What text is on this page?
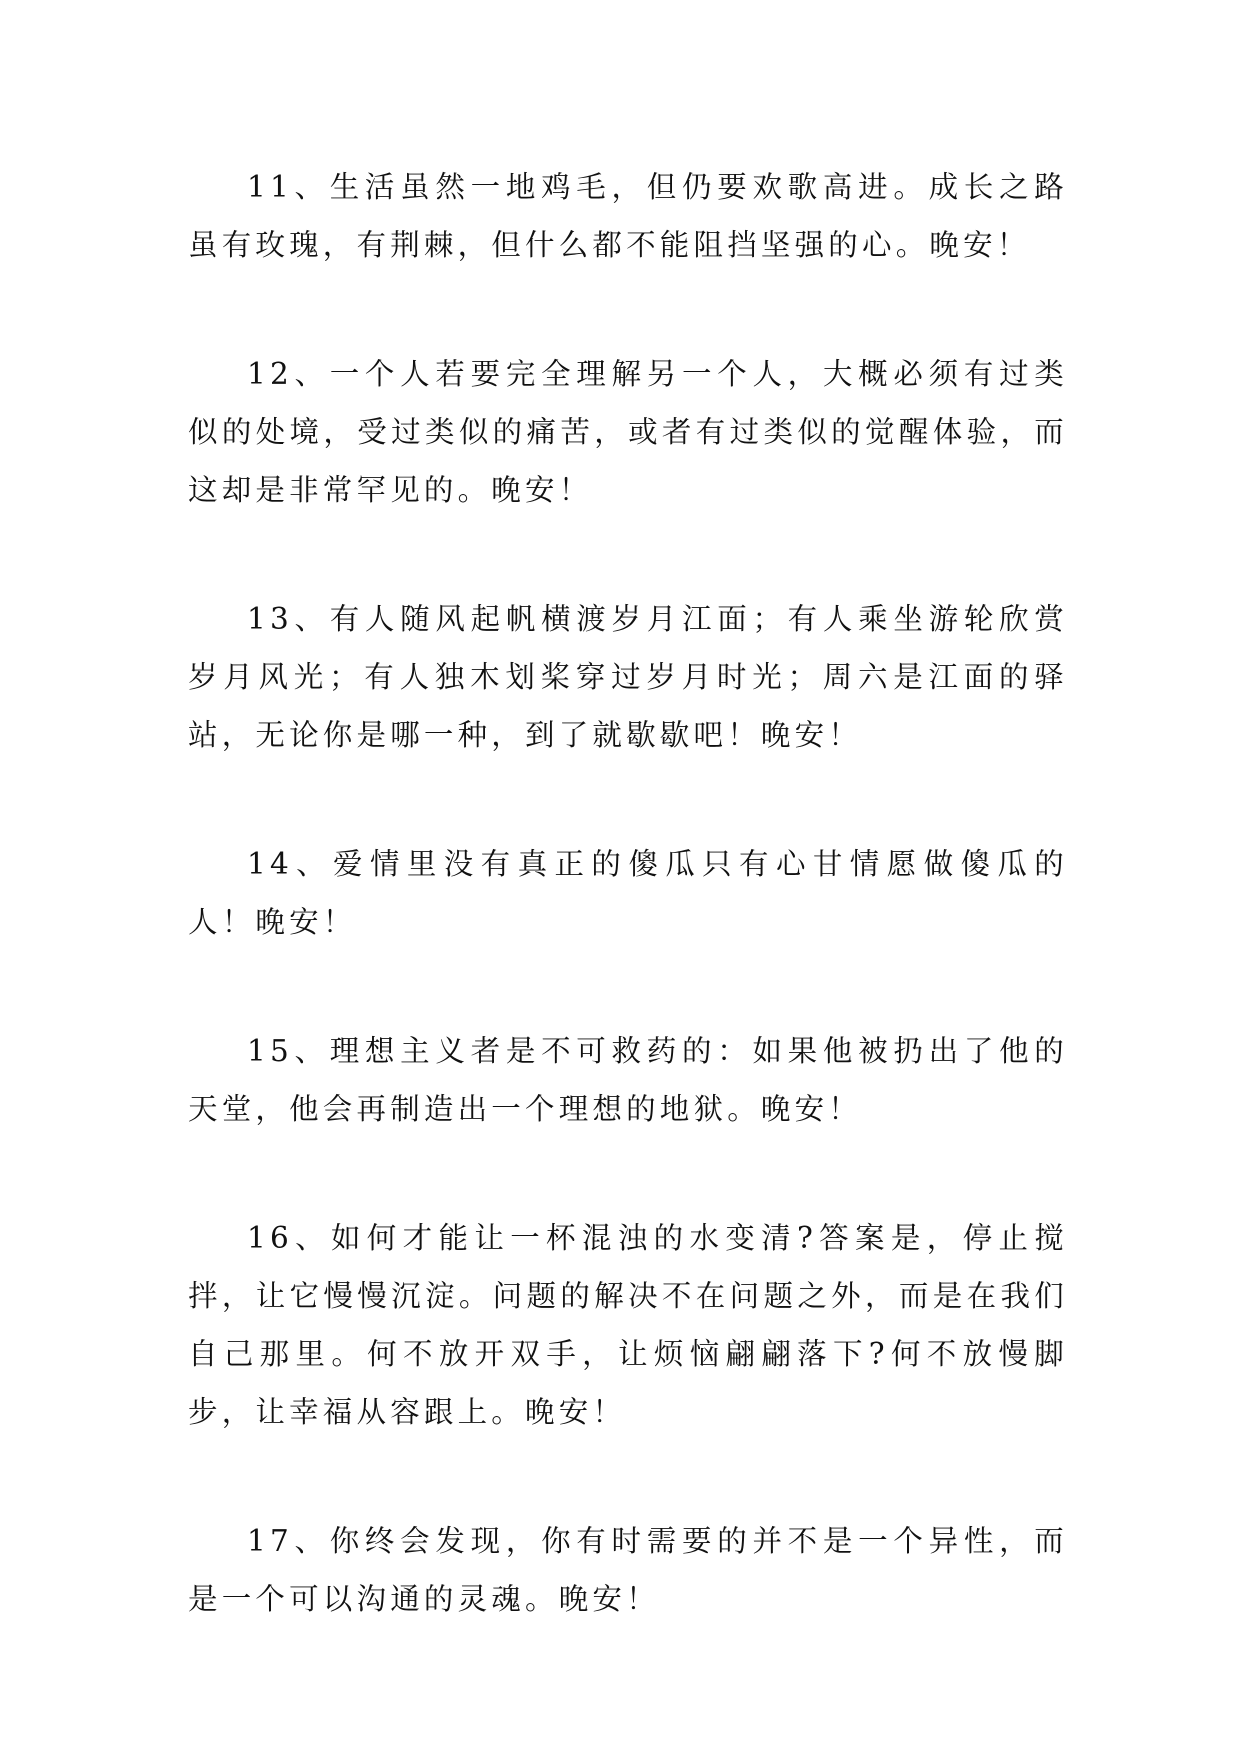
11、生活虽然一地鸡毛，但仍要欢歌高进。成长之路虽有玫瑰，有荆棘，但什么都不能阻挡坚强的心。晚安！

12、一个人若要完全理解另一个人，大概必须有过类似的处境，受过类似的痛苦，或者有过类似的觉醒体验，而这却是非常罕见的。晚安！

13、有人随风起帆横渡岁月江面；有人乘坐游轮欣赏岁月风光；有人独木划桨穿过岁月时光；周六是江面的驿站，无论你是哪一种，到了就歇歇吧！晚安！

14、爱情里没有真正的傻瓜只有心甘情愿做傻瓜的人！晚安！

15、理想主义者是不可救药的：如果他被扔出了他的天堂，他会再制造出一个理想的地狱。晚安！

16、如何才能让一杯混浊的水变清?答案是，停止搅拌，让它慢慢沉淀。问题的解决不在问题之外，而是在我们自己那里。何不放开双手，让烦恼翩翩落下?何不放慢脚步，让幸福从容跟上。晚安！

17、你终会发现，你有时需要的并不是一个异性，而是一个可以沟通的灵魂。晚安！
